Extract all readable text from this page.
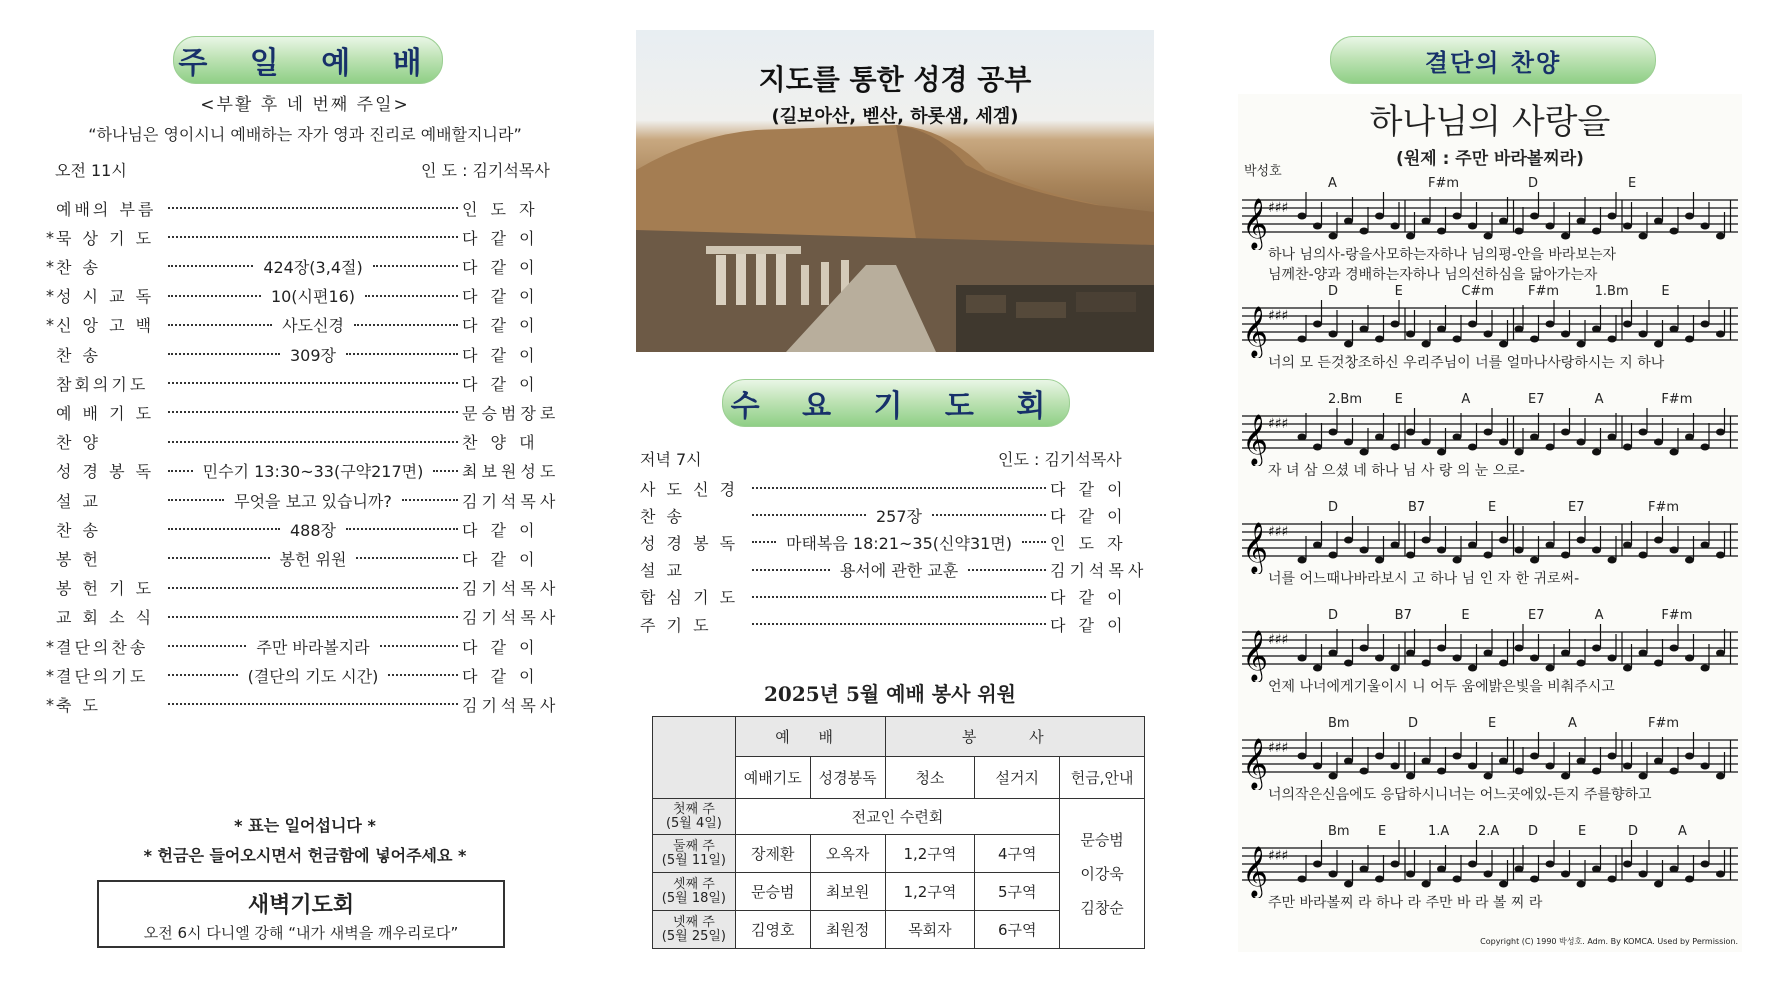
주 일 예 배
<부활 후 네 번째 주일>
“하나님은 영이시니 예배하는 자가 영과 진리로 예배할지니라”
오전 11시	인 도 : 김기석목사
예배의 부름	인 도 자
* 묵 상 기 도	다 같 이
* 찬 송	424장(3,4절)	다 같 이
* 성 시 교 독	10(시편16)	다 같 이
* 신 앙 고 백	사도신경	다 같 이
찬 송	309장	다 같 이
참회의기도	다 같 이
예 배 기 도	문승범장로
찬 양	찬 양 대
성 경 봉 독	민수기 13:30~33(구약217면)	최보원성도
설 교	무엇을 보고 있습니까?	김기석목사
찬 송	488장	다 같 이
봉 헌	봉헌 위원	다 같 이
봉 헌 기 도	김기석목사
교 회 소 식	김기석목사
* 결단의찬송	주만 바라볼지라	다 같 이
* 결단의기도	(결단의 기도 시간)	다 같 이
* 축 도	김기석목사
* 표는 일어섭니다 *
* 헌금은 들어오시면서 헌금함에 넣어주세요 *
새벽기도회
오전 6시 다니엘 강해 “내가 새벽을 깨우리로다”
지도를 통한 성경 공부
(길보아산, 벧산, 하롯샘, 세겜)
수 요 기 도 회
저녁 7시	인도 : 김기석목사
사 도 신 경	다 같 이
찬 송	257장	다 같 이
성 경 봉 독	마태복음 18:21~35(신약31면)	인 도 자
설 교	용서에 관한 교훈	김기석목사
합 심 기 도	다 같 이
주 기 도	다 같 이
2025년 5월 예배 봉사 위원
	예 배		봉 사		
	예배기도	성경봉독	청소	설거지	헌금,안내
첫째 주
(5월 4일)	전교인 수련회				문승범
이강욱
김창순
둘째 주
(5월 11일)	장제환	오옥자	1,2구역	4구역	
셋째 주
(5월 18일)	문승범	최보원	1,2구역	5구역	
넷째 주
(5월 25일)	김영호	최원정	목회자	6구역	
결단의 찬양
하나님의 사랑을
(원제 : 주만 바라볼찌라)
박성호
𝄞 ♯♯♯
A	F#m	D	E
𝄞 ♯♯♯
D	E	C#m	F#m	1.Bm	E
𝄞 ♯♯♯
2.Bm	E	A	E7	A	F#m
𝄞 ♯♯♯
D	B7	E	E7	F#m
𝄞 ♯♯♯
D	B7	E	E7	A	F#m
𝄞 ♯♯♯
Bm	D	E	A	F#m
𝄞 ♯♯♯
Bm E	1.A 2.A D	E	D	A
하나 님의사-랑을사모하는자하나 님의평-안을 바라보는자
님께찬-양과 경배하는자하나 님의선하심을 닮아가는자
너의 모 든것창조하신 우리주님이 너를 얼마나사랑하시는 지 하나
자 녀 삼 으셨 네 하나 님 사 랑 의 눈 으로-
너를 어느때나바라보시 고 하나 님 인 자 한 귀로써-
언제 나너에게기울이시 니 어두 움에밝은빛을 비춰주시고
너의작은신음에도 응답하시니너는 어느곳에있-든지 주를향하고
주만 바라볼찌 라 하나 라 주만 바 라 볼 찌 라
Copyright (C) 1990 박성호. Adm. By KOMCA. Used by Permission.
